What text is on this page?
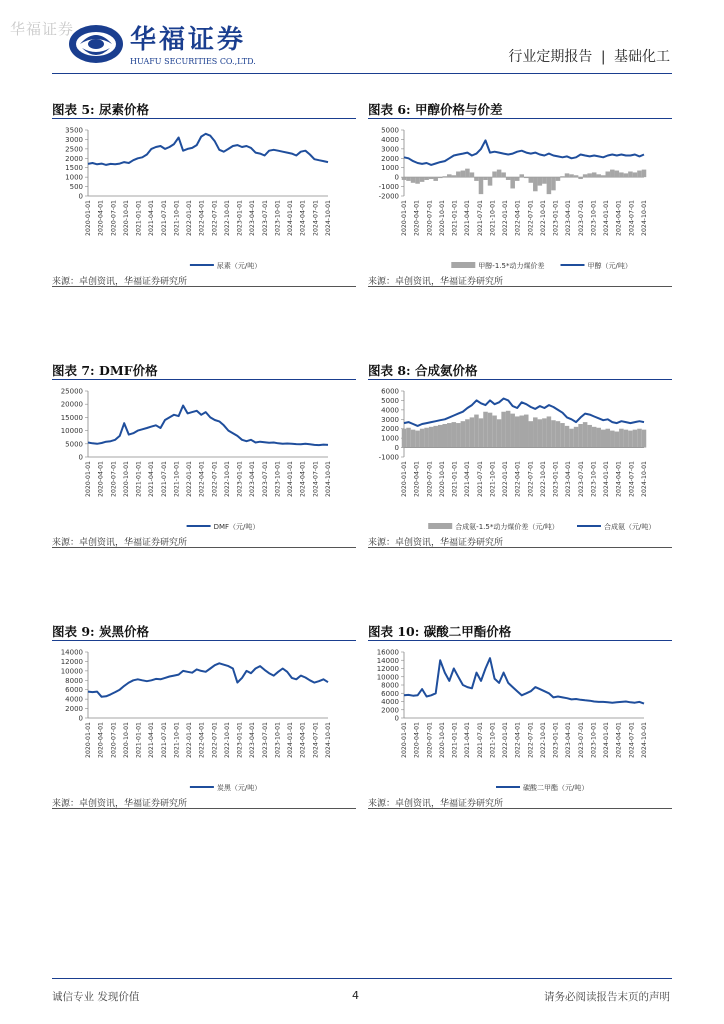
华福证券 华福证券
HUAFU SECURITIES CO.,LTD.	行业定期报告 | 基础化工
图表 5: 尿素价格
来源：卓创资讯，华福证券研究所
0
500
1000
1500
2000
2500
3000
3500
2020-01-01 2020-04-01 2020-07-01 2020-10-01 2021-01-01 2021-04-01 2021-07-01 2021-10-01 2022-01-01 2022-04-01 2022-07-01 2022-10-01 2023-01-01 2023-04-01 2023-07-01 2023-10-01 2024-01-01 2024-04-01 2024-07-01 2024-10-01
尿素（元/吨）
图表 6: 甲醇价格与价差
来源：卓创资讯，华福证券研究所
-2000
-1000
0
1000
2000
3000
4000
5000
2020-01-01 2020-04-01 2020-07-01 2020-10-01 2021-01-01 2021-04-01 2021-07-01 2021-10-01 2022-01-01 2022-04-01 2022-07-01 2022-10-01 2023-01-01 2023-04-01 2023-07-01 2023-10-01 2024-01-01 2024-04-01 2024-07-01 2024-10-01
甲醇-1.5*动力煤价差	甲醇（元/吨）
图表 7: DMF价格
来源：卓创资讯，华福证券研究所
0
5000
10000
15000
20000
25000
2020-01-01 2020-04-01 2020-07-01 2020-10-01 2021-01-01 2021-04-01 2021-07-01 2021-10-01 2022-01-01 2022-04-01 2022-07-01 2022-10-01 2023-01-01 2023-04-01 2023-07-01 2023-10-01 2024-01-01 2024-04-01 2024-07-01 2024-10-01
DMF（元/吨）
图表 8: 合成氨价格
来源：卓创资讯，华福证券研究所
-1000
0
1000
2000
3000
4000
5000
6000
2020-01-01 2020-04-01 2020-07-01 2020-10-01 2021-01-01 2021-04-01 2021-07-01 2021-10-01 2022-01-01 2022-04-01 2022-07-01 2022-10-01 2023-01-01 2023-04-01 2023-07-01 2023-10-01 2024-01-01 2024-04-01 2024-07-01 2024-10-01
合成氨-1.5*动力煤价差（元/吨）	合成氨（元/吨）
图表 9: 炭黑价格
来源：卓创资讯，华福证券研究所
0
2000
4000
6000
8000
10000
12000
14000
2020-01-01 2020-04-01 2020-07-01 2020-10-01 2021-01-01 2021-04-01 2021-07-01 2021-10-01 2022-01-01 2022-04-01 2022-07-01 2022-10-01 2023-01-01 2023-04-01 2023-07-01 2023-10-01 2024-01-01 2024-04-01 2024-07-01 2024-10-01
炭黑（元/吨）
图表 10: 碳酸二甲酯价格
来源：卓创资讯，华福证券研究所
0
2000
4000
6000
8000
10000
12000
14000
16000
2020-01-01 2020-04-01 2020-07-01 2020-10-01 2021-01-01 2021-04-01 2021-07-01 2021-10-01 2022-01-01 2022-04-01 2022-07-01 2022-10-01 2023-01-01 2023-04-01 2023-07-01 2023-10-01 2024-01-01 2024-04-01 2024-07-01 2024-10-01
碳酸二甲酯（元/吨）
诚信专业 发现价值	4	请务必阅读报告末页的声明
